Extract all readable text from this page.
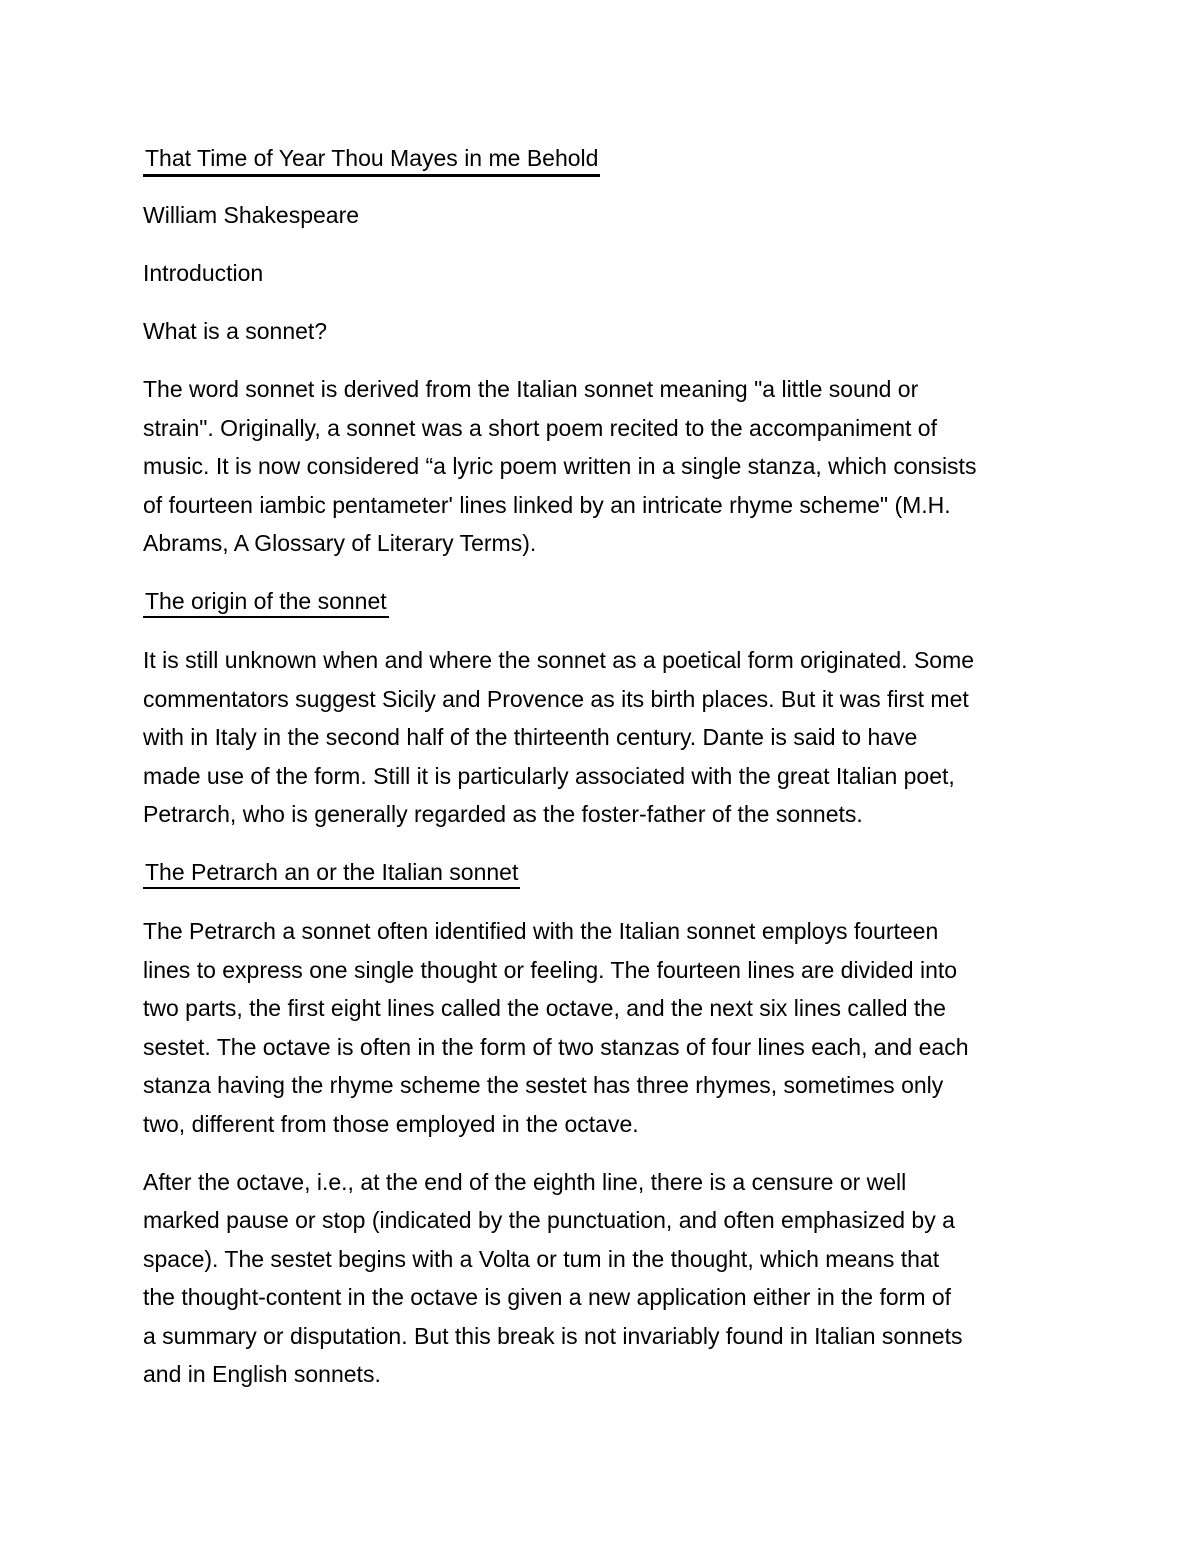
That Time of Year Thou Mayes in me Behold

William Shakespeare

Introduction

What is a sonnet?

The word sonnet is derived from the Italian sonnet meaning "a little sound or
strain". Originally, a sonnet was a short poem recited to the accompaniment of
music. It is now considered “a lyric poem written in a single stanza, which consists
of fourteen iambic pentameter' lines linked by an intricate rhyme scheme" (M.H.
Abrams, A Glossary of Literary Terms).

The origin of the sonnet

It is still unknown when and where the sonnet as a poetical form originated. Some
commentators suggest Sicily and Provence as its birth places. But it was first met
with in Italy in the second half of the thirteenth century. Dante is said to have
made use of the form. Still it is particularly associated with the great Italian poet,
Petrarch, who is generally regarded as the foster-father of the sonnets.

The Petrarch an or the Italian sonnet

The Petrarch a sonnet often identified with the Italian sonnet employs fourteen
lines to express one single thought or feeling. The fourteen lines are divided into
two parts, the first eight lines called the octave, and the next six lines called the
sestet. The octave is often in the form of two stanzas of four lines each, and each
stanza having the rhyme scheme the sestet has three rhymes, sometimes only
two, different from those employed in the octave.

After the octave, i.e., at the end of the eighth line, there is a censure or well
marked pause or stop (indicated by the punctuation, and often emphasized by a
space). The sestet begins with a Volta or tum in the thought, which means that
the thought-content in the octave is given a new application either in the form of
a summary or disputation. But this break is not invariably found in Italian sonnets
and in English sonnets.
